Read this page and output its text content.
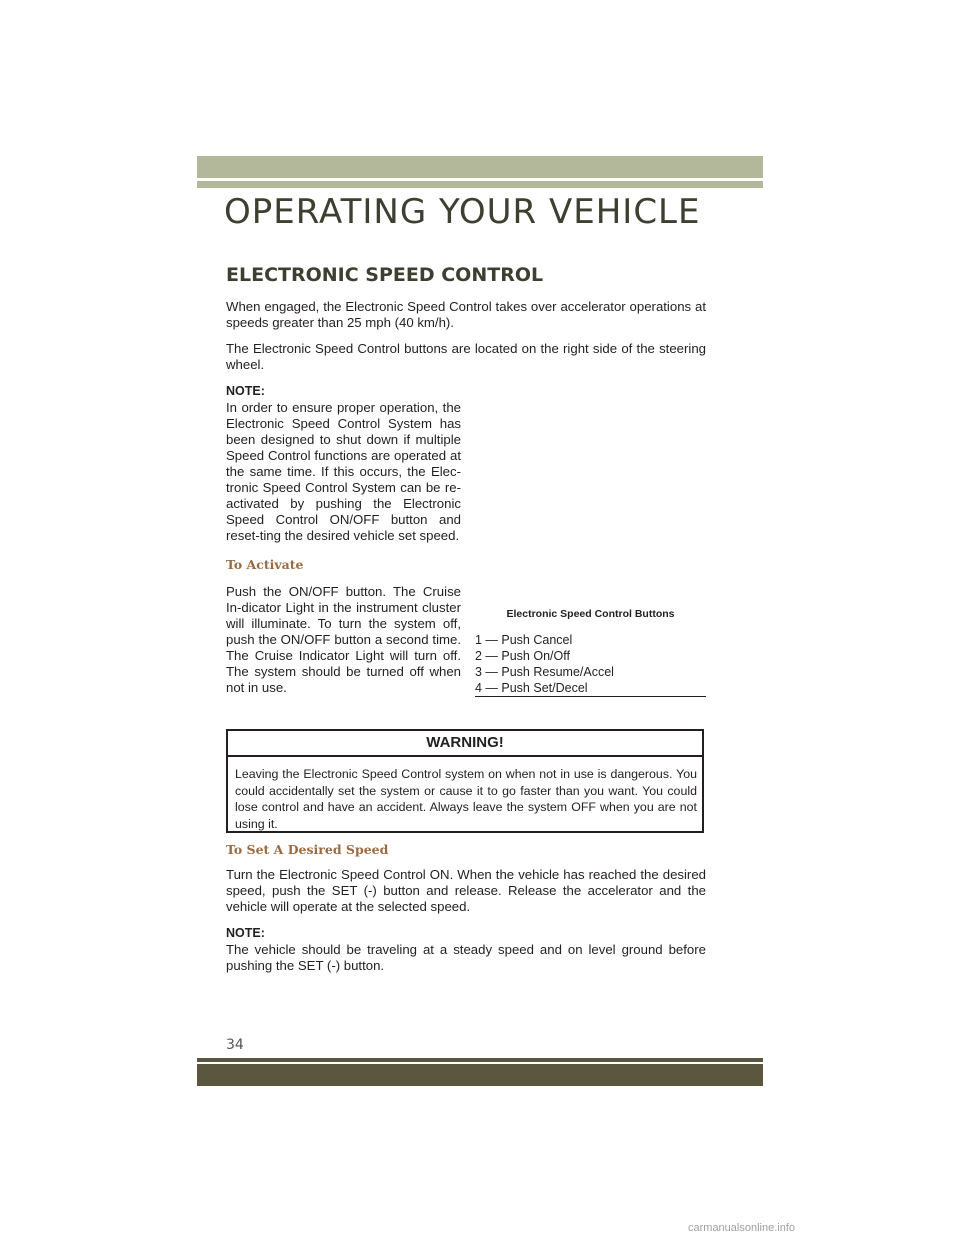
OPERATING YOUR VEHICLE
ELECTRONIC SPEED CONTROL

When engaged, the Electronic Speed Control takes over accelerator operations at speeds greater than 25 mph (40 km/h).

The Electronic Speed Control buttons are located on the right side of the steering wheel.

NOTE:

In order to ensure proper operation, the Electronic Speed Control System has been designed to shut down if multiple Speed Control functions are operated at the same time. If this occurs, the Elec-tronic Speed Control System can be re-activated by pushing the Electronic Speed Control ON/OFF button and reset-ting the desired vehicle set speed.

To Activate

Push the ON/OFF button. The Cruise In-dicator Light in the instrument cluster will illuminate. To turn the system off, push the ON/OFF button a second time. The Cruise Indicator Light will turn off. The system should be turned off when not in use.

Electronic Speed Control Buttons

1 — Push Cancel
2 — Push On/Off
3 — Push Resume/Accel
4 — Push Set/Decel

WARNING!

Leaving the Electronic Speed Control system on when not in use is dangerous. You could accidentally set the system or cause it to go faster than you want. You could lose control and have an accident. Always leave the system OFF when you are not using it.

To Set A Desired Speed

Turn the Electronic Speed Control ON. When the vehicle has reached the desired speed, push the SET (-) button and release. Release the accelerator and the vehicle will operate at the selected speed.

NOTE:

The vehicle should be traveling at a steady speed and on level ground before pushing the SET (-) button.

34

carmanualsonline.info
